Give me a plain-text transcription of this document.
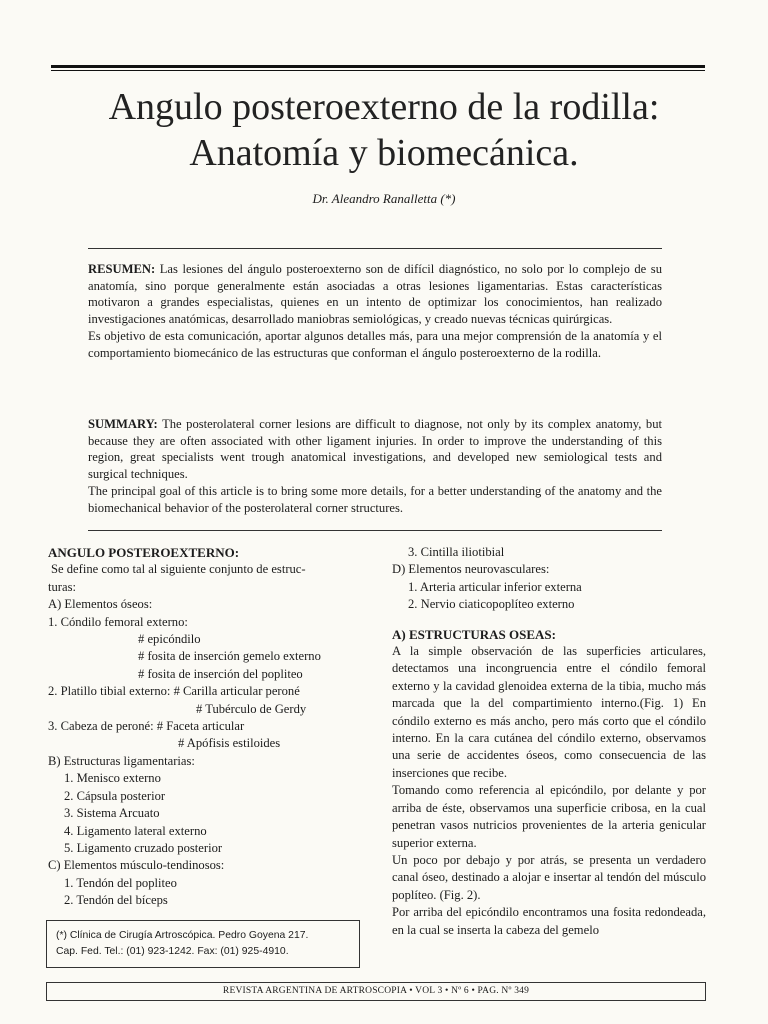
Angulo posteroexterno de la rodilla:
Anatomía y biomecánica.
Dr. Aleandro Ranalletta (*)

RESUMEN: Las lesiones del ángulo posteroexterno son de difícil diagnóstico, no solo por lo complejo de su anatomía, sino porque generalmente están asociadas a otras lesiones ligamentarias. Estas características motivaron a grandes especialistas, quienes en un intento de optimizar los conocimientos, han realizado investigaciones anatómicas, desarrollado maniobras semiológicas, y creado nuevas técnicas quirúrgicas.

Es objetivo de esta comunicación, aportar algunos detalles más, para una mejor comprensión de la anatomía y el comportamiento biomecánico de las estructuras que conforman el ángulo posteroexterno de la rodilla.

SUMMARY: The posterolateral corner lesions are difficult to diagnose, not only by its complex anatomy, but because they are often associated with other ligament injuries. In order to improve the understanding of this region, great specialists went trough anatomical investigations, and developed new semiological tests and surgical techniques.

The principal goal of this article is to bring some more details, for a better understanding of the anatomy and the biomechanical behavior of the posterolateral corner structures.

ANGULO POSTEROEXTERNO:
Se define como tal al siguiente conjunto de estruc-
turas:
A) Elementos óseos:
1. Cóndilo femoral externo:
# epicóndilo
# fosita de inserción gemelo externo
# fosita de inserción del popliteo
2. Platillo tibial externo: # Carilla articular peroné
# Tubérculo de Gerdy
3. Cabeza de peroné: # Faceta articular
# Apófisis estiloides
B) Estructuras ligamentarias:
1. Menisco externo
2. Cápsula posterior
3. Sistema Arcuato
4. Ligamento lateral externo
5. Ligamento cruzado posterior
C) Elementos músculo-tendinosos:
1. Tendón del popliteo
2. Tendón del bíceps
3. Cintilla iliotibial
D) Elementos neurovasculares:
1. Arteria articular inferior externa
2. Nervio ciaticopoplíteo externo
A) ESTRUCTURAS OSEAS:
A la simple observación de las superficies articulares, detectamos una incongruencia entre el cóndilo femoral externo y la cavidad glenoidea externa de la tibia, mucho más marcada que la del compartimiento interno.(Fig. 1) En cóndilo externo es más ancho, pero más corto que el cóndilo interno. En la cara cutánea del cóndilo externo, observamos una serie de accidentes óseos, como consecuencia de las inserciones que recibe.
Tomando como referencia al epicóndilo, por delante y por arriba de éste, observamos una superficie cribosa, en la cual penetran vasos nutricios provenientes de la arteria genicular superior externa.
Un poco por debajo y por atrás, se presenta un verdadero canal óseo, destinado a alojar e insertar al tendón del músculo poplíteo. (Fig. 2).
Por arriba del epicóndilo encontramos una fosita redondeada, en la cual se inserta la cabeza del gemelo
(*) Clínica de Cirugía Artroscópica. Pedro Goyena 217.
Cap. Fed. Tel.: (01) 923-1242. Fax: (01) 925-4910.
REVISTA ARGENTINA DE ARTROSCOPIA • VOL 3 • Nº 6 • PAG. Nº 349
